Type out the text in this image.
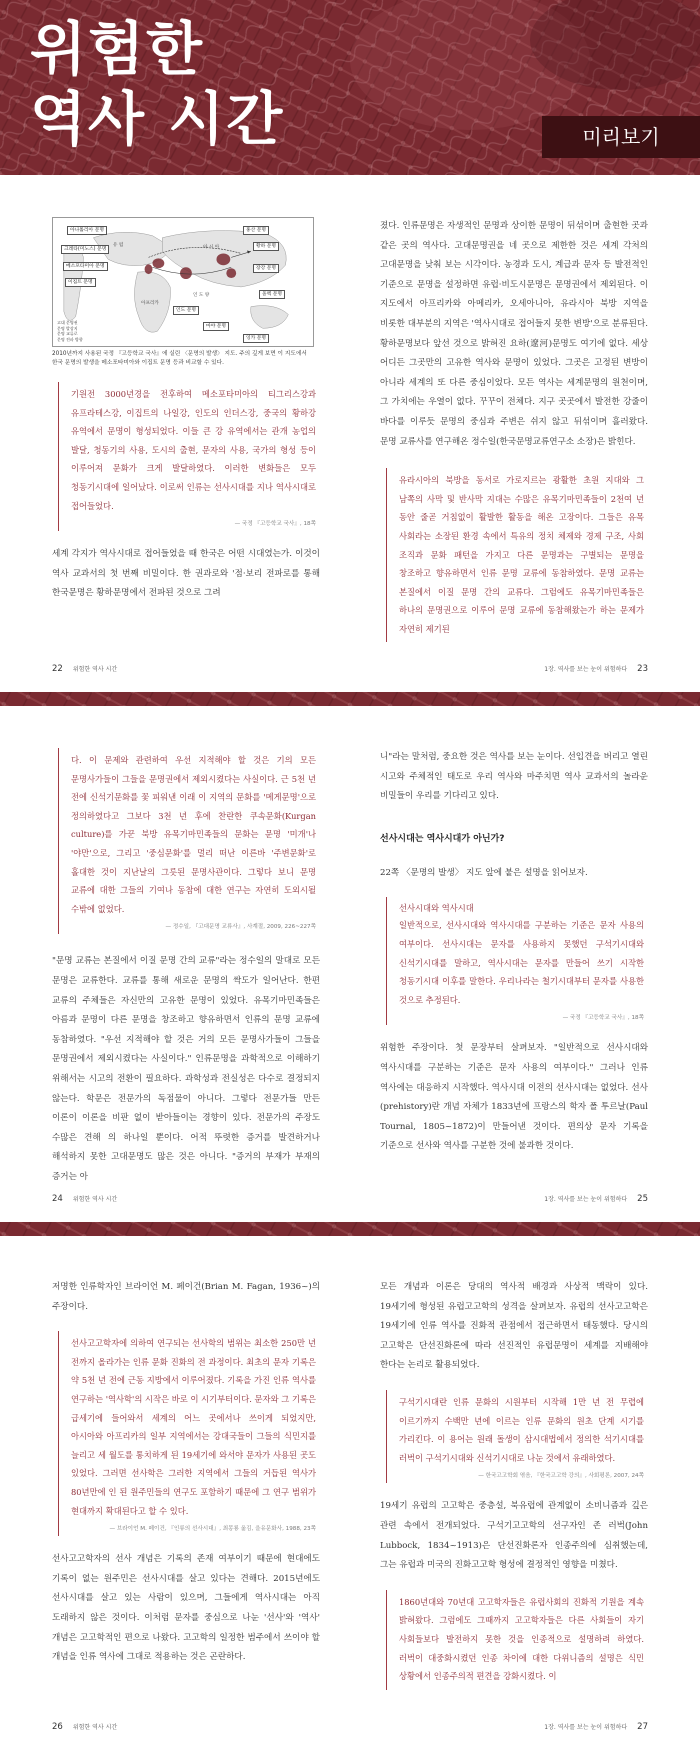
위험한
역사 시간	미리보기
아나톨리아 문명
크레타(미노스) 문명
메소포타미아 문명
이집트 문명
인도 문명
홍산 문명
황하 문명
장강 문명
마야 문명
올멕 문명
잉카 문명
유 럽	아 시 아
아프리카
인 도 양
고대 문명권
문명 발상지
문명 교류로
문명 전파 방향
2010년까지 사용된 국정 『고등학교 국사』에 실린 〈문명의 발생〉 지도. 주의 깊게 보면 이 지도에서 한국 문명의 발생을 메소포타미아와 이집트 문명 등과 비교할 수 있다.

기원전 3000년경을 전후하여 메소포타미아의 티그리스강과 유프라테스강, 이집트의 나일강, 인도의 인더스강, 중국의 황하강 유역에서 문명이 형성되었다. 이들 큰 강 유역에서는 관개 농업의 발달, 청동기의 사용, 도시의 출현, 문자의 사용, 국가의 형성 등이 이루어져 문화가 크게 발달하였다. 이러한 변화들은 모두 청동기시대에 일어났다. 이로써 인류는 선사시대를 지나 역사시대로 접어들었다.

— 국정 『고등학교 국사』, 18쪽

세계 각지가 역사시대로 접어들었을 때 한국은 어떤 시대였는가. 이것이 역사 교과서의 첫 번째 비밀이다. 한 권과로와 '점·보리 전파로를 통해 한국문명은 황하문명에서 전파된 것으로 그려

22 위험한 역사 시간

졌다. 인류문명은 자생적인 문명과 상이한 문명이 뒤섞이며 출현한 곳과 같은 곳의 역사다. 고대문명권을 네 곳으로 제한한 것은 세계 각처의 고대문명을 낮춰 보는 시각이다. 농경과 도시, 계급과 문자 등 발전적인 기준으로 문명을 설정하면 유럽·비도시문명은 문명권에서 제외된다. 이 지도에서 아프리카와 아메리카, 오세아니아, 유라시아 북방 지역을 비롯한 대부분의 지역은 '역사시대로 접어들지 못한 변방'으로 분류된다. 황하문명보다 앞선 것으로 밝혀진 요하(遼河)문명도 여기에 없다. 세상 어디든 그곳만의 고유한 역사와 문명이 있었다. 그곳은 고정된 변방이 아니라 세계의 또 다른 중심이었다. 모든 역사는 세계문명의 원천이며, 그 가치에는 우열이 없다. 꾸꾸이 전체다. 지구 곳곳에서 발전한 강줄이 바다를 이루듯 문명의 중심과 주변은 쉬지 않고 뒤섞이며 흘러왔다. 문명 교류사를 연구해온 정수일(한국문명교류연구소 소장)은 밝힌다.

유라시아의 북방을 동서로 가로지르는 광활한 초원 지대와 그 남쪽의 사막 및 반사막 지대는 수많은 유목기마민족들이 2천여 년 동안 줄곧 거침없이 활발한 활동을 해온 고장이다. 그들은 유목 사회라는 소장된 환경 속에서 특유의 정치 체제와 경제 구조, 사회 조직과 문화 패턴을 가지고 다른 문명과는 구별되는 문명을 창조하고 향유하면서 인류 문명 교류에 동참하였다. 문명 교류는 본질에서 이질 문명 간의 교류다. 그럼에도 유목기마민족들은 하나의 문명권으로 이루어 문명 교류에 동참해왔는가 하는 문제가 자연히 제기된

1장. 역사를 보는 눈이 위험하다 23

다. 이 문제와 관련하여 우선 지적해야 할 것은 기의 모든 문명사가들이 그들을 문명권에서 제외시켰다는 사실이다. 근 5천 년 전에 신석기문화를 꽃 피워낸 이래 이 지역의 문화를 '메게문명'으로 정의하였다고 그보다 3천 년 후에 찬란한 쿠속문화(Kurgan culture)를 가꾼 북방 유목기마민족들의 문화는 문명 '미개'나 '야만'으로, 그리고 '중심문화'를 멀리 떠난 이른바 '주변문화'로 홀대한 것이 지난날의 그릇된 문명사관이다. 그렇다 보니 문명 교류에 대한 그들의 기여나 동참에 대한 연구는 자연히 도외시될 수밖에 없었다.

— 정수일, 『고대문명 교류사』, 사계절, 2009, 226~227쪽

"문명 교류는 본질에서 이질 문명 간의 교류"라는 정수일의 말대로 모든 문명은 교류한다. 교류를 통해 새로운 문명의 싹도가 일어난다. 한편 교류의 주체들은 자신만의 고유한 문명이 있었다. 유목기마민족들은 아름과 문명이 다른 문명을 창조하고 향유하면서 인류의 문명 교류에 동참하였다. "우선 지적해야 할 것은 거의 모든 문명사가들이 그들을 문명권에서 제외시켰다는 사실이다." 인류문명을 과학적으로 이해하기 위해서는 시고의 전환이 필요하다. 과학성과 전실성은 다수로 결정되지 않는다. 학문은 전문가의 독점물이 아니다. 그렇다 전문가들 만든 이론이 이론을 비판 없이 받아들이는 경향이 있다. 전문가의 주장도 수많은 견해 의 하나일 뿐이다. 어적 뚜렷한 증거를 발견하거나 해석하지 못한 고대문명도 많은 것은 아니다. "증거의 부재가 부재의 증거는 아

24 위험한 역사 시간

니"라는 말처럼, 중요한 것은 역사를 보는 눈이다. 선입견을 버리고 열린 시고와 주체적인 태도로 우리 역사와 마주치면 역사 교과서의 놀라운 비밀들이 우리를 기다리고 있다.

선사시대는 역사시대가 아닌가?

22쪽 〈문명의 발생〉 지도 앞에 붙은 설명을 읽어보자.

선사시대와 역사시대

일반적으로, 선사시대와 역사시대를 구분하는 기준은 문자 사용의 여부이다. 선사시대는 문자를 사용하지 못했던 구석기시대와 신석기시대를 말하고, 역사시대는 문자를 만들어 쓰기 시작한 청동기시대 이후를 말한다. 우리나라는 철기시대부터 문자를 사용한 것으로 추정된다.

— 국정 『고등학교 국사』, 18쪽

위험한 주장이다. 첫 문장부터 살펴보자. "일반적으로 선사시대와 역사시대를 구분하는 기준은 문자 사용의 여부이다." 그러나 인류 역사에는 대응하지 시작했다. 역사시대 이전의 선사시대는 없었다. 선사(prehistory)란 개념 자체가 1833년에 프랑스의 학자 폴 투르날(Paul Tournal, 1805~1872)이 만들어낸 것이다. 편의상 문자 기록을 기준으로 선사와 역사를 구분한 것에 불과한 것이다.

1장. 역사를 보는 눈이 위험하다 25

저명한 인류학자인 브라이언 M. 페이건(Brian M. Fagan, 1936~)의 주장이다.

선사고고학자에 의하여 연구되는 선사학의 범위는 최소한 250만 년 전까지 올라가는 인류 문화 진화의 전 과정이다. 최초의 문자 기록은 약 5천 년 전에 근동 지방에서 이루어졌다. 기록을 가진 인류 역사를 연구하는 '역사학'의 시작은 바로 이 시기부터이다. 문자와 그 기록은 급세기에 들어와서 세계의 어느 곳에서나 쓰이게 되었지만, 아시아와 아프리카의 일부 지역에서는 강대국들이 그들의 식민지를 늘리고 세 월도를 통치하게 된 19세기에 와서야 문자가 사용된 곳도 있었다. 그러면 선사학은 그러한 지역에서 그들의 거듭된 역사가 80년만에 인 된 원주민들의 연구도 포함하기 때문에 그 연구 범위가 현대까지 확대된다고 할 수 있다.

— 브라이언 M. 페이건, 『인류의 선사시대』, 최몽룡 옮김, 을유문화사, 1988, 23쪽

선사고고학자의 선사 개념은 기록의 존재 여부이기 때문에 현대에도 기록이 없는 원주민은 선사시대를 살고 있다는 견해다. 2015년에도 선사시대를 살고 있는 사람이 있으며, 그들에게 역사시대는 아직 도래하지 않은 것이다. 이처럼 문자를 중심으로 나눈 '선사'와 '역사' 개념은 고고학적인 편으로 나왔다. 고고학의 일정한 범주에서 쓰이야 할 개념을 인류 역사에 그대로 적용하는 것은 곤란하다.

26 위험한 역사 시간

모든 개념과 이론은 당대의 역사적 배경과 사상적 맥락이 있다. 19세기에 형성된 유럽고고학의 성격을 살펴보자. 유럽의 선사고고학은 19세기에 인류 역사를 진화적 관점에서 접근하면서 태동했다. 당시의 고고학은 단선진화론에 따라 선진적인 유럽문명이 세계를 지배해야 한다는 논리로 활용되었다.

구석기시대란 인류 문화의 시원부터 시작해 1만 년 전 무렵에 이르기까지 수백만 년에 이르는 인류 문화의 원초 단계 시기를 가리킨다. 이 용어는 원래 돌생이 삼시대법에서 정의한 석기시대를 러벅이 구석기시대와 신석기시대로 나눈 것에서 유래하였다.

— 한국고고학회 엮음, 『한국고고학 강의』, 사회평론, 2007, 24쪽

19세기 유럽의 고고학은 중층설, 북유럽에 관계없이 소비니즘과 깊은 관련 속에서 전개되었다. 구석기고고학의 선구자인 존 러벅(John Lubbock, 1834~1913)은 단선진화론자 인종주의에 심취했는데, 그는 유럽과 미국의 진화고고학 형성에 결정적인 영향을 미쳤다.

1860년대와 70년대 고고학자들은 유럽사회의 진화적 기원을 계속 밝혀왔다. 그럼에도 그때까지 고고학자들은 다른 사회들이 자기 사회들보다 발전하지 못한 것을 인종적으로 설명하려 하였다. 러벅이 대중화시켰던 인종 차이에 대한 다위니즘의 설명은 식민 상황에서 인종주의적 편견을 강화시켰다. 이

1장. 역사를 보는 눈이 위험하다 27
